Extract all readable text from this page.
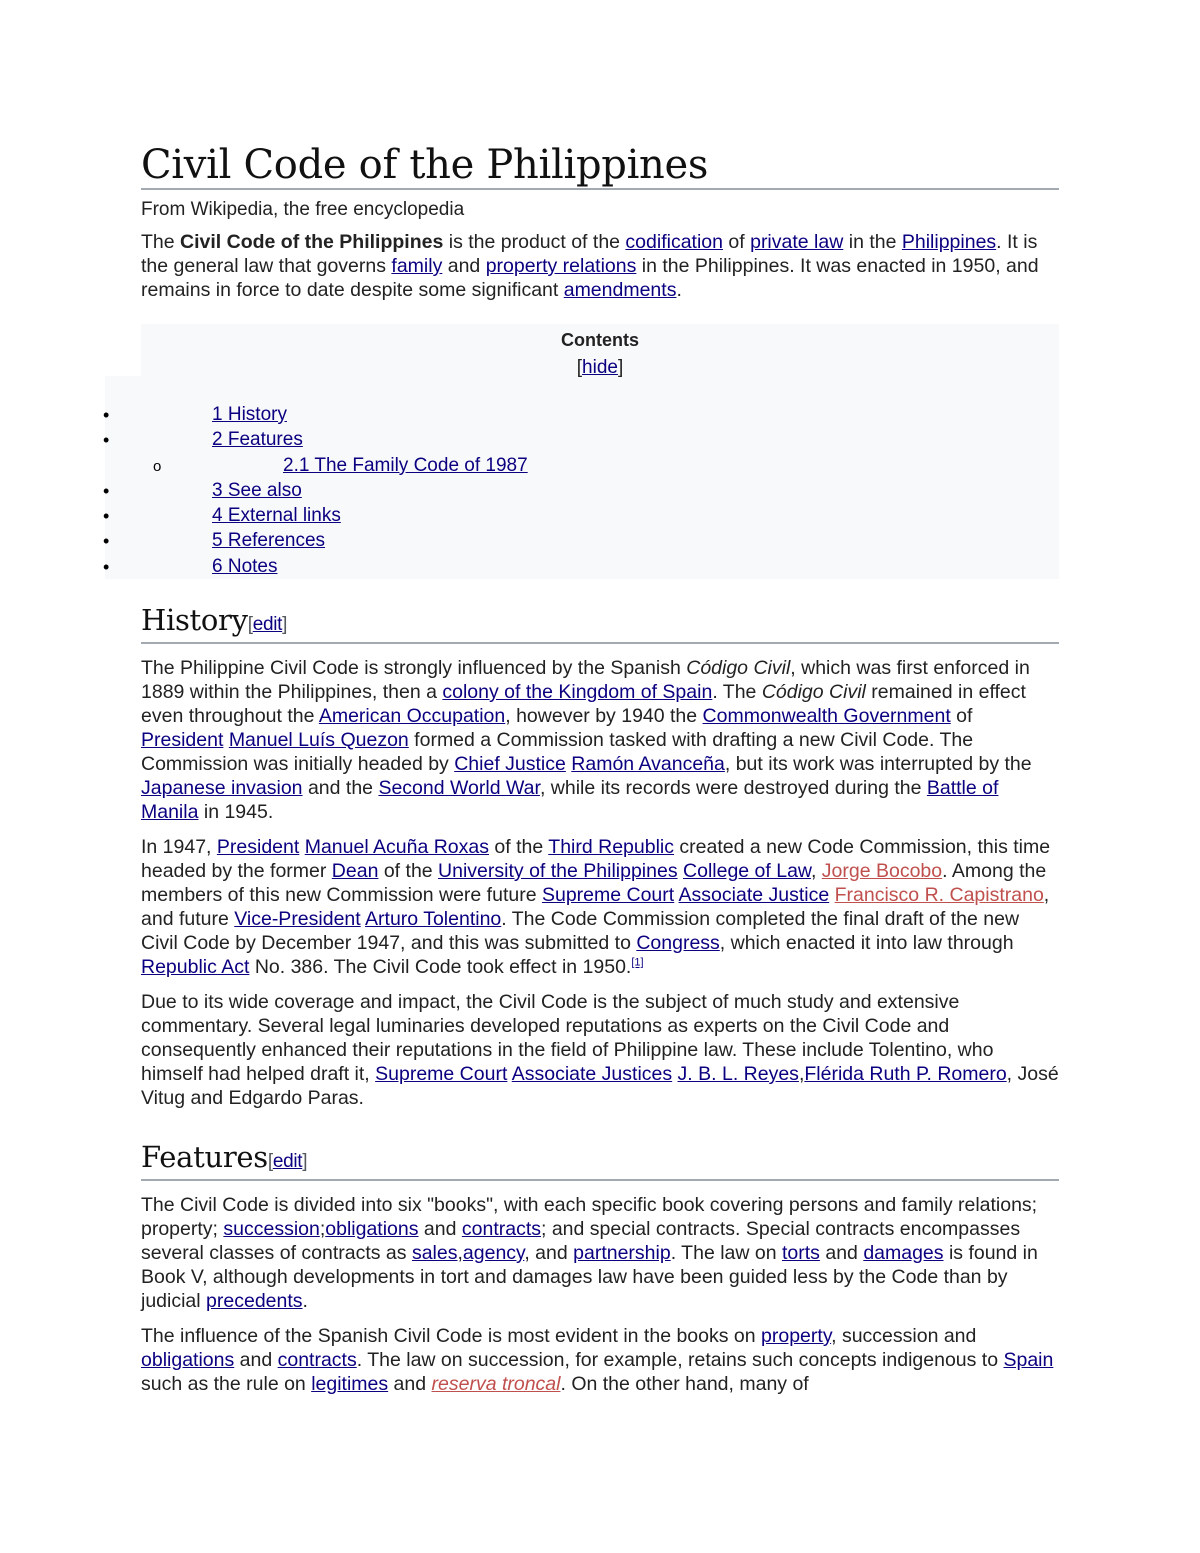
Civil Code of the Philippines
From Wikipedia, the free encyclopedia

The Civil Code of the Philippines is the product of the codification of private law in the Philippines. It is the general law that governs family and property relations in the Philippines. It was enacted in 1950, and remains in force to date despite some significant amendments.

Contents
[hide]
•	1 History
•	2 Features
o	2.1 The Family Code of 1987
•	3 See also
•	4 External links
•	5 References
•	6 Notes
History[edit]

The Philippine Civil Code is strongly influenced by the Spanish Código Civil, which was first enforced in 1889 within the Philippines, then a colony of the Kingdom of Spain. The Código Civil remained in effect even throughout the American Occupation, however by 1940 the Commonwealth Government of President Manuel Luís Quezon formed a Commission tasked with drafting a new Civil Code. The Commission was initially headed by Chief Justice Ramón Avanceña, but its work was interrupted by the Japanese invasion and the Second World War, while its records were destroyed during the Battle of Manila in 1945.

In 1947, President Manuel Acuña Roxas of the Third Republic created a new Code Commission, this time headed by the former Dean of the University of the Philippines College of Law, Jorge Bocobo. Among the members of this new Commission were future Supreme Court Associate Justice Francisco R. Capistrano, and future Vice-President Arturo Tolentino. The Code Commission completed the final draft of the new Civil Code by December 1947, and this was submitted to Congress, which enacted it into law through Republic Act No. 386. The Civil Code took effect in 1950.[1]

Due to its wide coverage and impact, the Civil Code is the subject of much study and extensive commentary. Several legal luminaries developed reputations as experts on the Civil Code and consequently enhanced their reputations in the field of Philippine law. These include Tolentino, who himself had helped draft it, Supreme Court Associate Justices J. B. L. Reyes,Flérida Ruth P. Romero, José Vitug and Edgardo Paras.

Features[edit]

The Civil Code is divided into six "books", with each specific book covering persons and family relations; property; succession;obligations and contracts; and special contracts. Special contracts encompasses several classes of contracts as sales,agency, and partnership. The law on torts and damages is found in Book V, although developments in tort and damages law have been guided less by the Code than by judicial precedents.

The influence of the Spanish Civil Code is most evident in the books on property, succession and obligations and contracts. The law on succession, for example, retains such concepts indigenous to Spain such as the rule on legitimes and reserva troncal. On the other hand, many of
